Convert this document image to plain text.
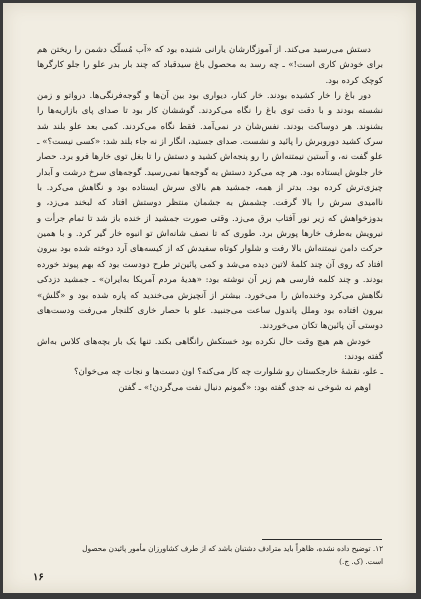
دستش می‌رسید می‌کند. از آموزگارشان یارانی شنیده بود که «آب مُسلّک دشمن را ریختن هم برای خودش کاری است!» ـ چه رسد به محصول باغ سیدقباد که چند بار بدر علو را جلو کارگرها کوچک کرده بود.

دور باغ را خار کشیده بودند. خار کنار، دیواری بود بین آن‌ها و گوجه‌فرنگی‌ها. درواتو و زمن نشسته بودند و با دقت توی باغ را نگاه می‌کردند. گوششان کار بود تا صدای پای بازاریه‌ها را بشنوند. هر دوساکت بودند. نفس‌شان در نمی‌آمد. فقط نگاه می‌کردند. کمی بعد علو بلند شد سرک کشید دوروبرش را پائید و نشست. صدای جستید، انگار از نه جاء بلند شد: «کسی نیست؟» ـ علو گفت نه، و آستین نیمتنه‌اش را رو پنجه‌اش کشید و دستش را تا بغل توی خارها فرو برد. حصار خار جلوش ایستاده بود. هر چه می‌کرد دستش به گوجه‌ها نمی‌رسید. گوجه‌های سرخ درشت و آبدار چیزی‌ترش کرده بود. بدتر از همه، جمشید هم بالای سرش ایستاده بود و نگاهش می‌کرد. با ناامیدی سرش را بالا گرفت. چشمش به جشمان منتظر دوستش افتاد که لبخند می‌زد، و بدوزخواهش که زیر نور آفتاب برق می‌زد. وقتی صورت جمشید از خنده باز شد تا تمام جرأت و نیرویش به‌طرف خارها پورش برد. طوری که تا نصف شانه‌اش تو انبوه خار گیر کرد. و با همین حرکت دامن نیمتنه‌اش بالا رفت و شلوار کوتاه سفیدش که از کیسه‌های آرد دوخته شده بود بیرون افتاد که روی آن چند کلمهٔ لاتین دیده می‌شد و کمی پائین‌تر طرح دودست بود که بهم پیوند خورده بودند. و چند کلمه فارسی هم زیر آن نوشته بود: «هدیهٔ مردم آمریکا به‌ایران» ـ جمشید دزدکی نگاهش می‌کرد وخنده‌اش را می‌خورد. بیشتر از آنچیزش می‌خندید که پاره شده بود و «گلش» بیرون افتاده بود وملل پاندول ساعت می‌جنبید. علو با حصار خاری کلنجار می‌رفت ودست‌های دوستی آن پائین‌ها تکان می‌خوردند.

خودش هم هیچ وقت حال نکرده بود خستکش رانگاهی بکند. تنها یک بار بچه‌های کلاس به‌اش گفته بودند:

ـ علو، نقشهٔ خارجکستان رو شلوارت چه کار می‌کنه؟ اون دست‌ها و نجات چه می‌خوان؟

اوهم نه شوخی نه جدی گفته بود: «گمونم دنبال نفت می‌گردن!» ـ گفتن

١٢. توضیح داده نشده، ظاهراً باید مترادف دشتبان باشد که از طرف کشاورزان مأمور پائیدن محصول است. (ک. ج.)
١۶
